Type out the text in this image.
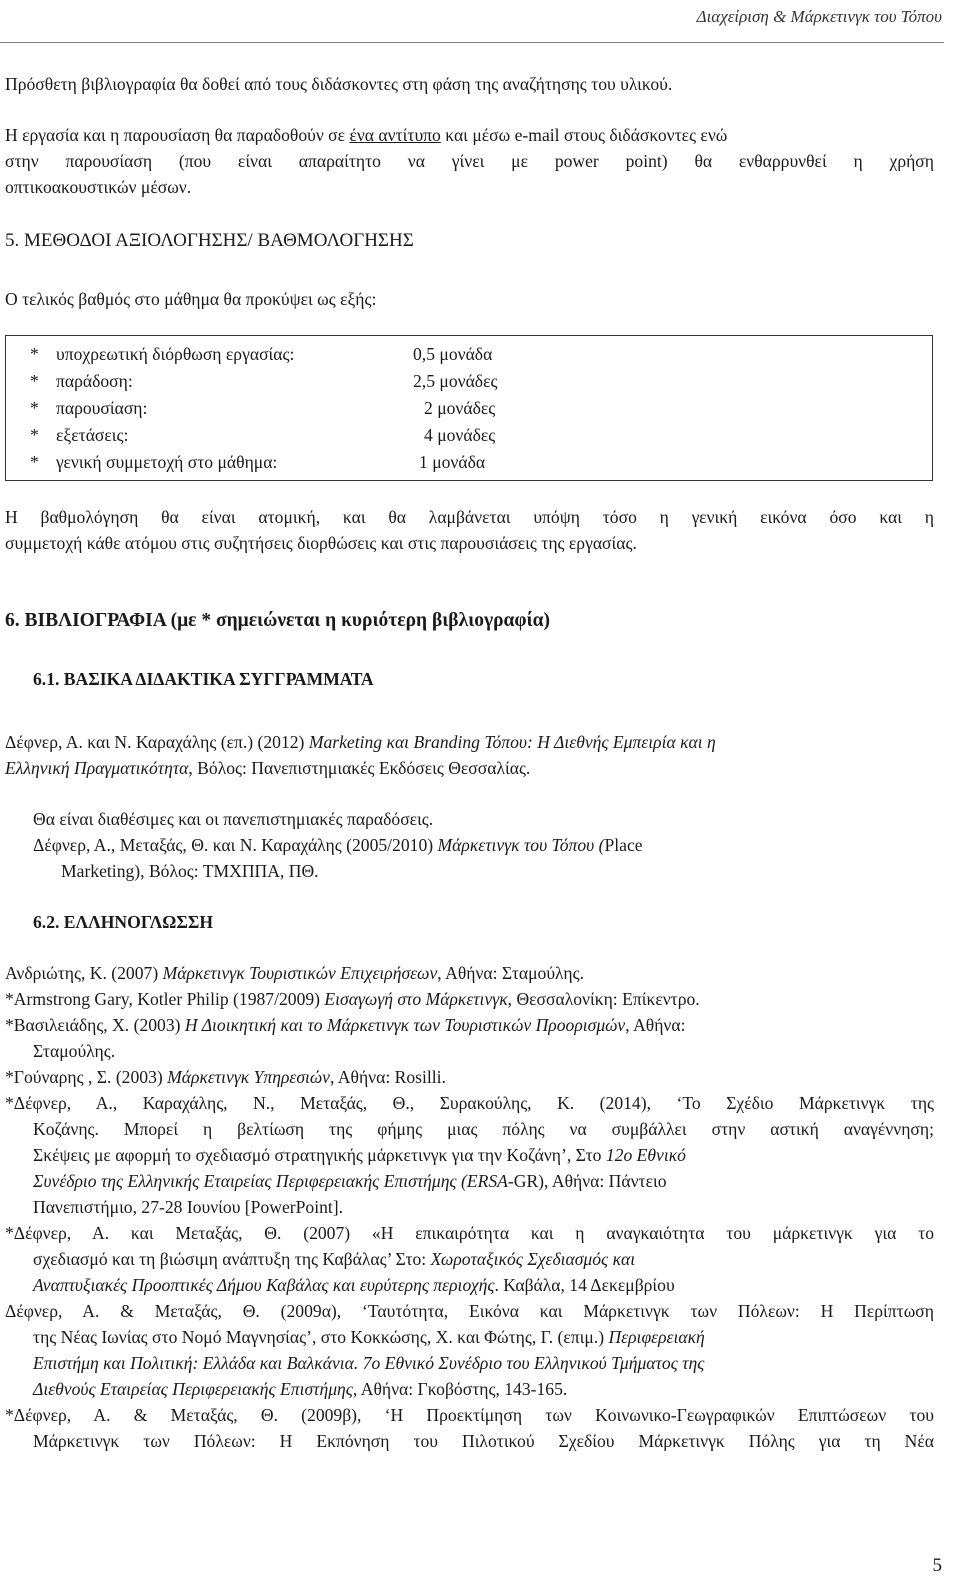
Διαχείριση & Μάρκετινγκ του Τόπου
Πρόσθετη βιβλιογραφία θα δοθεί από τους διδάσκοντες στη φάση της αναζήτησης του υλικού.
Η εργασία και η παρουσίαση θα παραδοθούν σε ένα αντίτυπο και μέσω e-mail στους διδάσκοντες ενώ
στην παρουσίαση (που είναι απαραίτητο να γίνει με power point) θα ενθαρρυνθεί η χρήση
οπτικοακουστικών μέσων.
5. ΜΕΘΟΔΟΙ ΑΞΙΟΛΟΓΗΣΗΣ/ ΒΑΘΜΟΛΟΓΗΣΗΣ
Ο τελικός βαθμός στο μάθημα θα προκύψει ως εξής:
* υποχρεωτική διόρθωση εργασίας:	0,5 μονάδα
* παράδοση:	2,5 μονάδες
* παρουσίαση:	2 μονάδες
* εξετάσεις:	4 μονάδες
* γενική συμμετοχή στο μάθημα:	1 μονάδα
Η βαθμολόγηση θα είναι ατομική, και θα λαμβάνεται υπόψη τόσο η γενική εικόνα όσο και η
συμμετοχή κάθε ατόμου στις συζητήσεις διορθώσεις και στις παρουσιάσεις της εργασίας.
6. ΒΙΒΛΙΟΓΡΑΦΙΑ (με * σημειώνεται η κυριότερη βιβλιογραφία)
6.1. ΒΑΣΙΚΑ ΔΙΔΑΚΤΙΚΑ ΣΥΓΓΡΑΜΜΑΤΑ
Δέφνερ, Α. και Ν. Καραχάλης (επ.) (2012) Marketing και Branding Τόπου: Η Διεθνής Εμπειρία και η
Ελληνική Πραγματικότητα, Βόλος: Πανεπιστημιακές Εκδόσεις Θεσσαλίας.
Θα είναι διαθέσιμες και οι πανεπιστημιακές παραδόσεις.
Δέφνερ, Α., Μεταξάς, Θ. και Ν. Καραχάλης (2005/2010) Μάρκετινγκ του Τόπου (Place
Marketing), Βόλος: ΤΜΧΠΠΑ, ΠΘ.
6.2. ΕΛΛΗΝΟΓΛΩΣΣΗ
Ανδριώτης, Κ. (2007) Μάρκετινγκ Τουριστικών Επιχειρήσεων, Αθήνα: Σταμούλης.
*Armstrong Gary, Kotler Philip (1987/2009) Εισαγωγή στο Μάρκετινγκ, Θεσσαλονίκη: Επίκεντρο.
*Βασιλειάδης, Χ. (2003) Η Διοικητική και το Μάρκετινγκ των Τουριστικών Προορισμών, Αθήνα:
Σταμούλης.
*Γούναρης , Σ. (2003) Μάρκετινγκ Υπηρεσιών, Αθήνα: Rosilli.
*Δέφνερ, Α., Καραχάλης, Ν., Μεταξάς, Θ., Συρακούλης, Κ. (2014), ‘Το Σχέδιο Μάρκετινγκ της
Κοζάνης. Μπορεί η βελτίωση της φήμης μιας πόλης να συμβάλλει στην αστική αναγέννηση;
Σκέψεις με αφορμή το σχεδιασμό στρατηγικής μάρκετινγκ για την Κοζάνη’, Στο 12ο Εθνικό
Συνέδριο της Ελληνικής Εταιρείας Περιφερειακής Επιστήμης (ERSA-GR), Αθήνα: Πάντειο
Πανεπιστήμιο, 27-28 Ιουνίου [PowerPoint].
*Δέφνερ, Α. και Μεταξάς, Θ. (2007) «Η επικαιρότητα και η αναγκαιότητα του μάρκετινγκ για το
σχεδιασμό και τη βιώσιμη ανάπτυξη της Καβάλας’ Στο: Χωροταξικός Σχεδιασμός και
Αναπτυξιακές Προοπτικές Δήμου Καβάλας και ευρύτερης περιοχής. Καβάλα, 14 Δεκεμβρίου
Δέφνερ, Α. & Μεταξάς, Θ. (2009α), ‘Ταυτότητα, Εικόνα και Μάρκετινγκ των Πόλεων: Η Περίπτωση
της Νέας Ιωνίας στο Νομό Μαγνησίας’, στο Κοκκώσης, Χ. και Φώτης, Γ. (επιμ.) Περιφερειακή
Επιστήμη και Πολιτική: Ελλάδα και Βαλκάνια. 7ο Εθνικό Συνέδριο του Ελληνικού Τμήματος της
Διεθνούς Εταιρείας Περιφερειακής Επιστήμης, Αθήνα: Γκοβόστης, 143-165.
*Δέφνερ, Α. & Μεταξάς, Θ. (2009β), ‘Η Προεκτίμηση των Κοινωνικο-Γεωγραφικών Επιπτώσεων του
Μάρκετινγκ των Πόλεων: Η Εκπόνηση του Πιλοτικού Σχεδίου Μάρκετινγκ Πόλης για τη Νέα
5
